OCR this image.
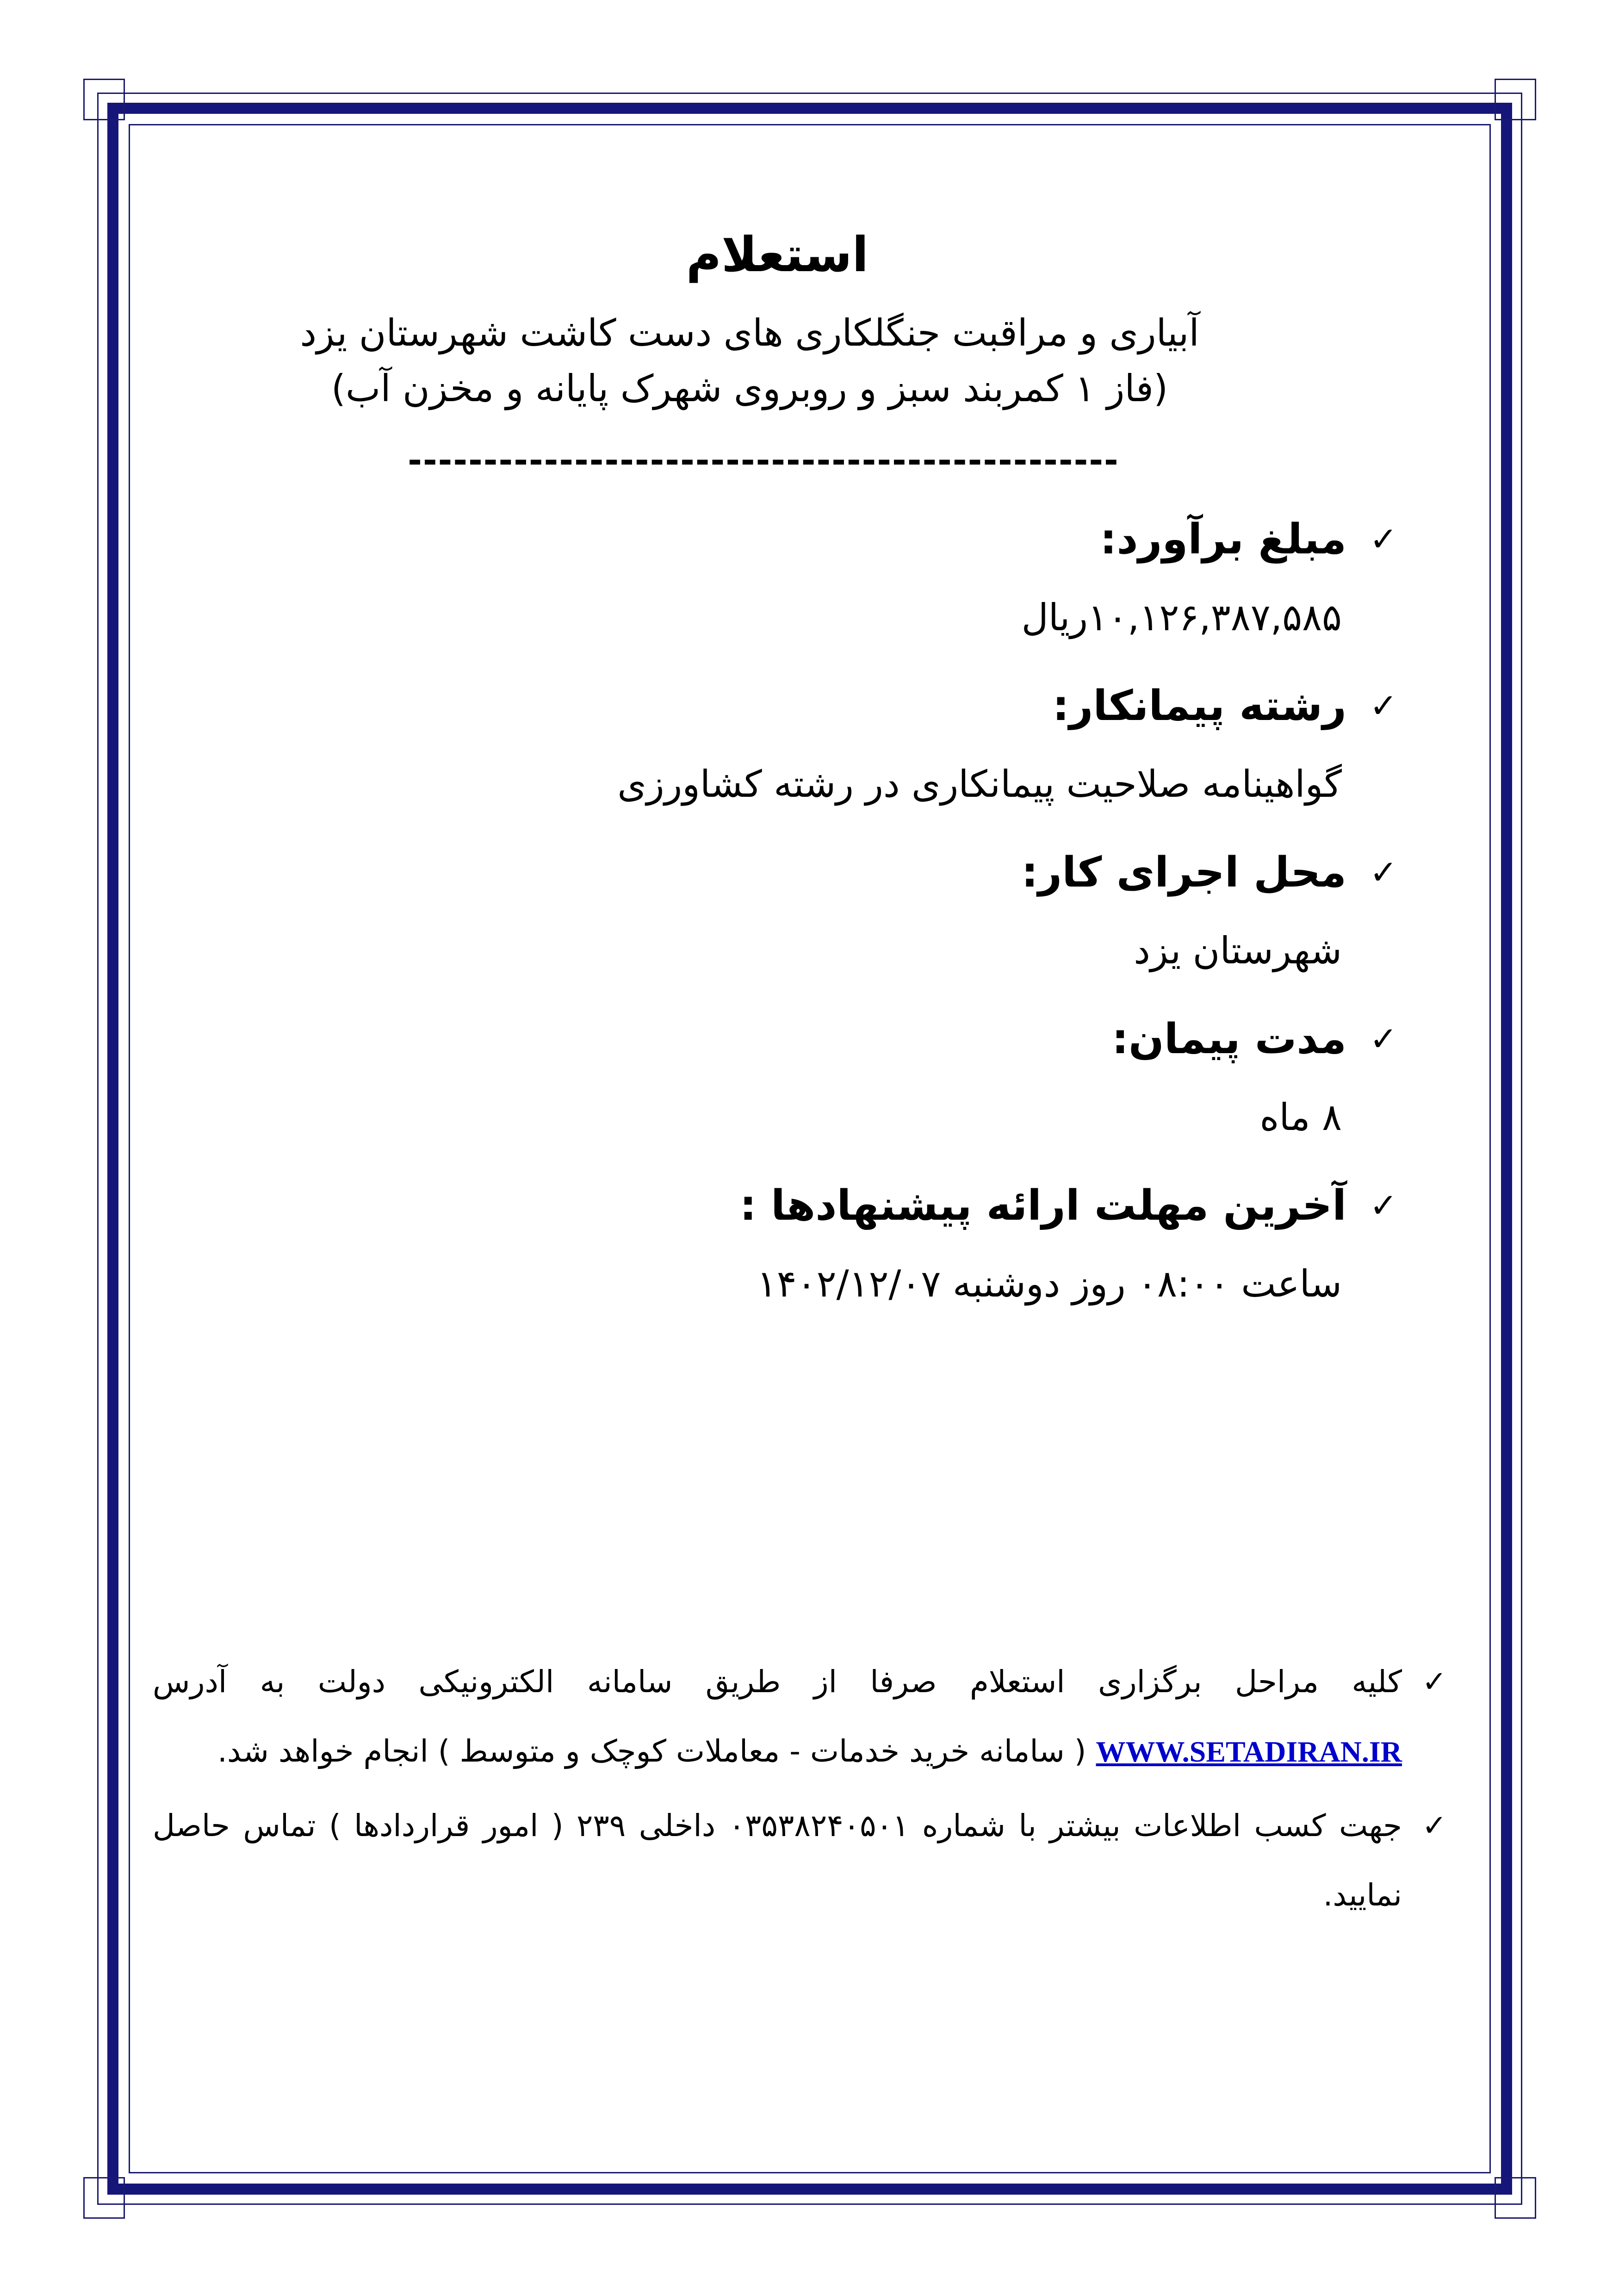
استعلام

آبیاری و مراقبت جنگلکاری های دست کاشت شهرستان یزد

(فاز ۱ کمربند سبز و روبروی شهرک پایانه و مخزن آب)

-----------------------------------------------
✓
مبلغ برآورد:
۱۰,۱۲۶,۳۸۷,۵۸۵ریال
✓
رشته پیمانکار:
گواهینامه صلاحیت پیمانکاری در رشته کشاورزی
✓
محل اجرای کار:
شهرستان یزد
✓
مدت پیمان:
۸ ماه
✓
آخرین مهلت ارائه پیشنهادها :
ساعت ۰۸:۰۰ روز دوشنبه ۱۴۰۲/۱۲/۰۷
✓
کلیه مراحل برگزاری استعلام صرفا از طریق سامانه الکترونیکی دولت به آدرس WWW.SETADIRAN.IR ( سامانه خرید خدمات - معاملات کوچک و متوسط ) انجام خواهد شد.
✓
جهت کسب اطلاعات بیشتر با شماره ۰۳۵۳۸۲۴۰۵۰۱ داخلی ۲۳۹ ( امور قراردادها ) تماس حاصل نمایید.
